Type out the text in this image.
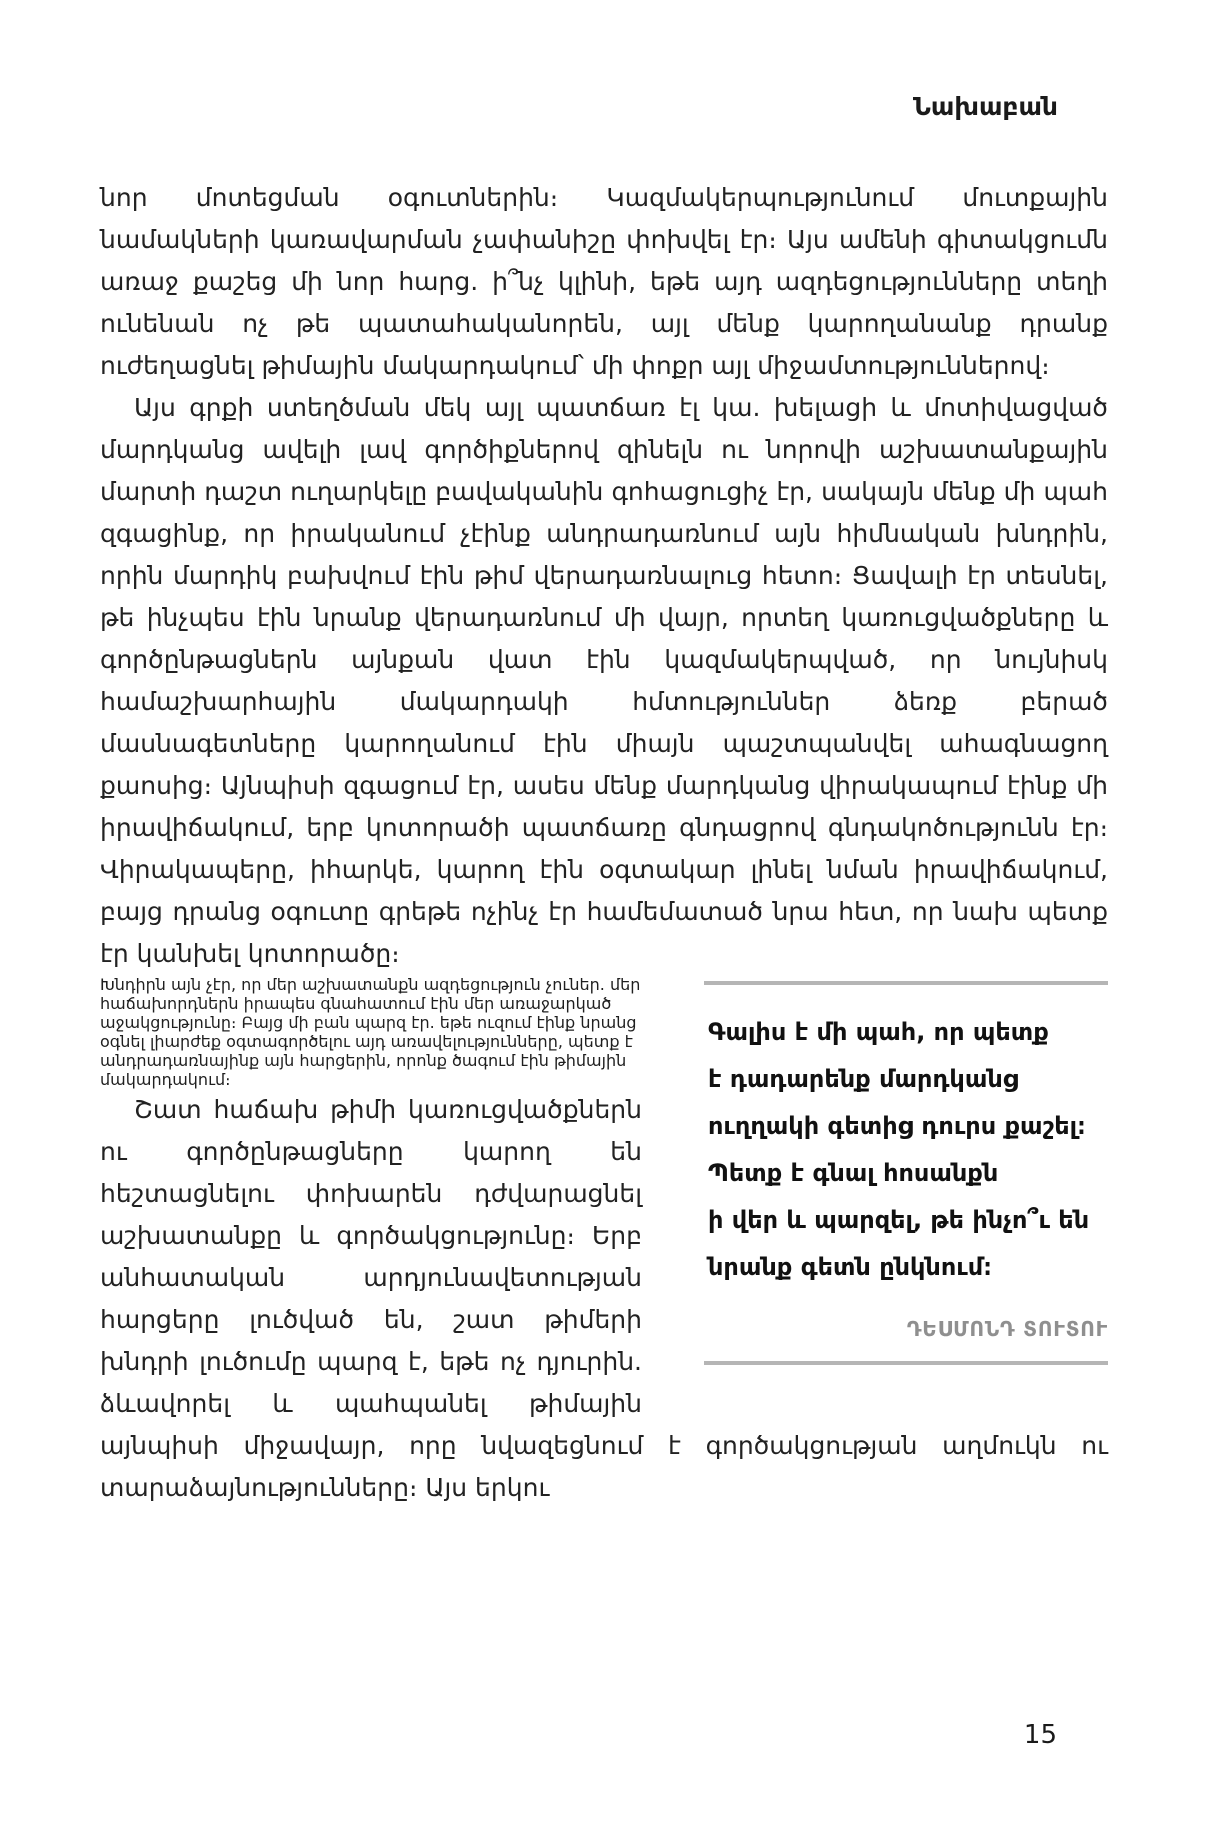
Նախաբան

նոր մոտեցման օգուտներին։ Կազմակերպությունում մուտքային նամակների կառավարման չափանիշը փոխվել էր։ Այս ամենի գիտակցումն առաջ քաշեց մի նոր հարց. ի՞նչ կլինի, եթե այդ ազդեցությունները տեղի ունենան ոչ թե պատահականորեն, այլ մենք կարողանանք դրանք ուժեղացնել թիմային մակարդակում՝ մի փոքր այլ միջամտություններով։

Այս գրքի ստեղծման մեկ այլ պատճառ էլ կա. խելացի և մոտիվացված մարդկանց ավելի լավ գործիքներով զինելն ու նորովի աշխատանքային մարտի դաշտ ուղարկելը բավականին գոհացուցիչ էր, սակայն մենք մի պահ զգացինք, որ իրականում չէինք անդրադառնում այն հիմնական խնդրին, որին մարդիկ բախվում էին թիմ վերադառնալուց հետո։ Ցավալի էր տեսնել, թե ինչպես էին նրանք վերադառնում մի վայր, որտեղ կառուցվածքները և գործընթացներն այնքան վատ էին կազմակերպված, որ նույնիսկ համաշխարհային մակարդակի հմտություններ ձեռք բերած մասնագետները կարողանում էին միայն պաշտպանվել ահագնացող քաոսից։ Այնպիսի զգացում էր, ասես մենք մարդկանց վիրակապում էինք մի իրավիճակում, երբ կոտորածի պատճառը գնդացրով գնդակոծությունն էր։ Վիրակապերը, իհարկե, կարող էին օգտակար լինել նման իրավիճակում, բայց դրանց օգուտը գրեթե ոչինչ էր համեմատած նրա հետ, որ նախ պետք էր կանխել կոտորածը։

Գալիս է մի պահ, որ պետք
է դադարենք մարդկանց
ուղղակի գետից դուրս քաշել։
Պետք է գնալ հոսանքն
ի վեր և պարզել, թե ինչո՞ւ են
նրանք գետն ընկնում։
ԴԵՍՄՈՆԴ ՏՈՒՏՈՒ
Խնդիրն այն չէր, որ մեր աշխատանքն ազդեցություն չուներ. մեր հաճախորդներն իրապես գնահատում էին մեր առաջարկած աջակցությունը։ Բայց մի բան պարզ էր. եթե ուզում էինք նրանց օգնել լիարժեք օգտագործելու այդ առավելությունները, պետք է անդրադառնայինք այն հարցերին, որոնք ծագում էին թիմային մակարդակում։

Շատ հաճախ թիմի կառուցվածքներն ու գործընթացները կարող են հեշտացնելու փոխարեն դժվարացնել աշխատանքը և գործակցությունը։ Երբ անհատական արդյունավետության հարցերը լուծված են, շատ թիմերի խնդրի լուծումը պարզ է, եթե ոչ դյուրին. ձևավորել և պահպանել թիմային այնպիսի միջավայր, որը նվազեցնում է գործակցության աղմուկն ու տարաձայնությունները։ Այս երկու

15
